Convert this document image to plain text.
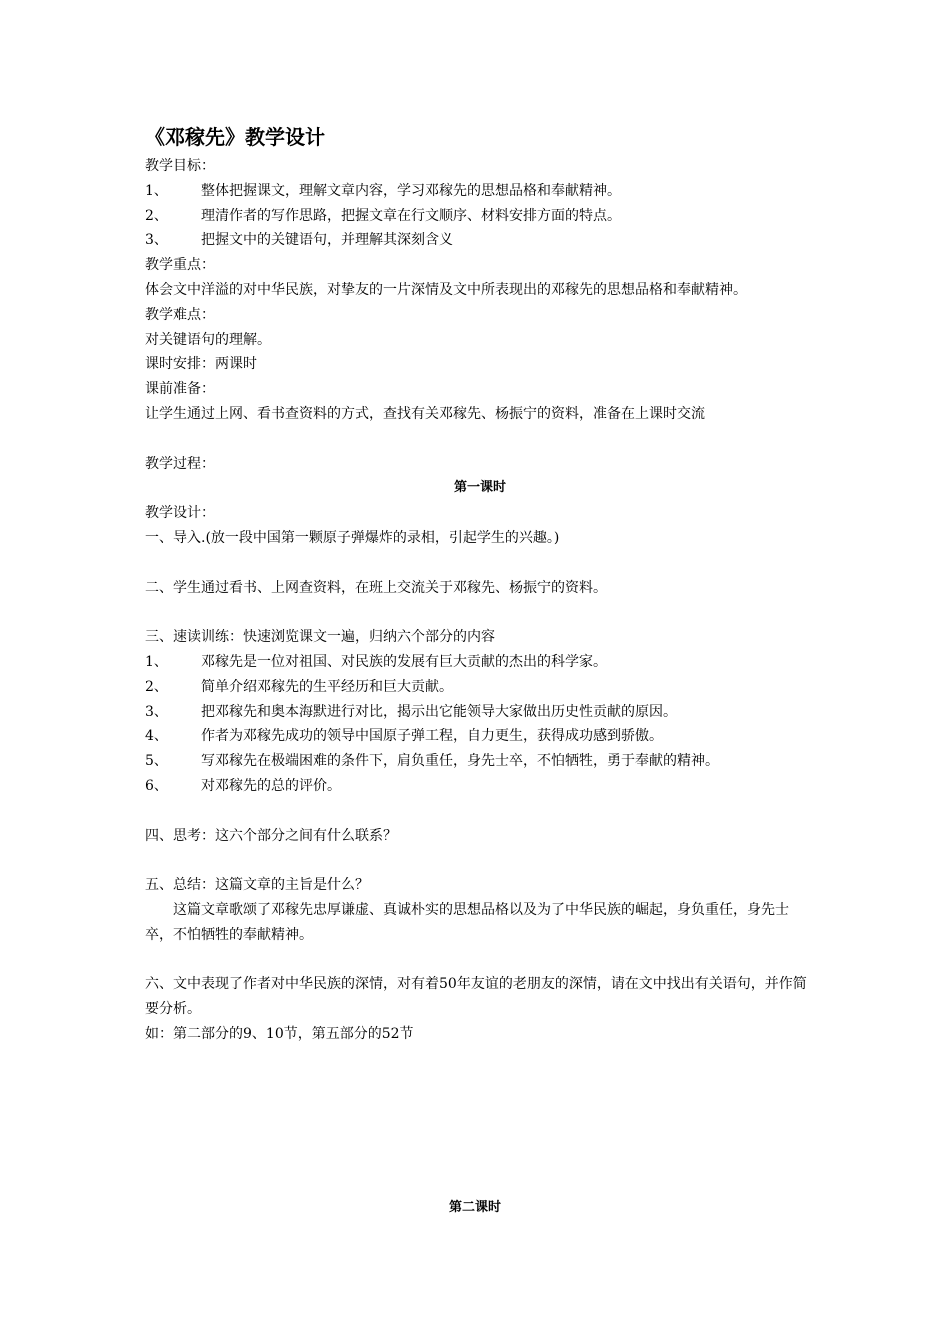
《邓稼先》教学设计

教学目标：

1、	整体把握课文，理解文章内容，学习邓稼先的思想品格和奉献精神。
2、	理清作者的写作思路，把握文章在行文顺序、材料安排方面的特点。
3、	把握文中的关键语句，并理解其深刻含义

教学重点：

体会文中洋溢的对中华民族，对挚友的一片深情及文中所表现出的邓稼先的思想品格和奉献精神。

教学难点：

对关键语句的理解。

课时安排：两课时

课前准备：

让学生通过上网、看书查资料的方式，查找有关邓稼先、杨振宁的资料，准备在上课时交流

教学过程：

第一课时

教学设计：

一、导入.(放一段中国第一颗原子弹爆炸的录相，引起学生的兴趣。)

二、学生通过看书、上网查资料，在班上交流关于邓稼先、杨振宁的资料。

三、速读训练：快速浏览课文一遍，归纳六个部分的内容

1、	邓稼先是一位对祖国、对民族的发展有巨大贡献的杰出的科学家。
2、	简单介绍邓稼先的生平经历和巨大贡献。
3、	把邓稼先和奥本海默进行对比，揭示出它能领导大家做出历史性贡献的原因。
4、	作者为邓稼先成功的领导中国原子弹工程，自力更生，获得成功感到骄傲。
5、	写邓稼先在极端困难的条件下，肩负重任，身先士卒，不怕牺牲，勇于奉献的精神。
6、	对邓稼先的总的评价。

四、思考：这六个部分之间有什么联系？

五、总结：这篇文章的主旨是什么？

这篇文章歌颂了邓稼先忠厚谦虚、真诚朴实的思想品格以及为了中华民族的崛起，身负重任，身先士卒，不怕牺牲的奉献精神。

六、文中表现了作者对中华民族的深情，对有着50年友谊的老朋友的深情，请在文中找出有关语句，并作简要分析。

如：第二部分的9、10节，第五部分的52节

第二课时
